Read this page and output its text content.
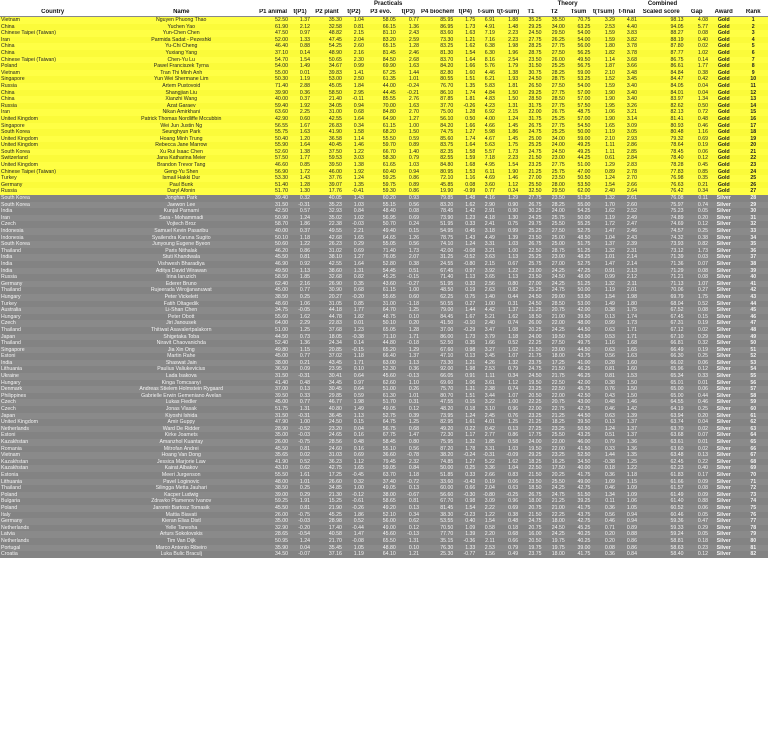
		Practicals										Theory				Combined				
Country	Name	P1 animal	t(P1)	P2 plant	t(P2)	P3 evo.	t(P3)	P4 biochem	t(P4)	t-sum	t(t-sum)	T1	T2	Tsum	t(Tsum)	t-final	Scaled score	Gap	Award	Rank
Vietnam	Nguyen Phuong Thao	52.50	1.37	35.30	1.04	58.05	0.77	85.95	1.75	6.91	1.88	35.25	35.50	70.75	3.29	4.81	98.13	4.08	Gold	1
China	Yuchen Yao	61.90	2.12	32.58	0.81	66.15	1.36	86.95	1.73	4.91	1.48	29.25	34.00	63.25	2.53	4.40	94.05	5.77	Gold	2
Chinese Taipei (Taiwan)	Yun-Chen Chen	47.50	0.97	48.82	2.15	81.10	2.43	83.60	1.63	7.19	2.23	24.50	29.50	54.00	1.59	3.83	88.27	0.08	Gold	3
Iran	Parmida Sadat - Pezeshki	52.00	1.33	47.45	2.04	83.20	2.59	73.30	1.21	7.16	2.23	27.75	26.25	54.00	1.59	3.82	88.19	0.40	Gold	4
China	Yu-Chi Cheng	46.40	0.88	54.25	2.60	65.15	1.28	83.25	1.62	6.38	1.98	28.25	27.75	56.00	1.80	3.78	87.80	0.02	Gold	5
China	Yuxiang Yang	37.10	0.14	48.90	2.16	81.45	2.46	81.30	1.54	6.30	1.96	28.75	27.50	56.25	1.82	3.78	87.77	1.02	Gold	6
Chinese Taipei (Taiwan)	Chen-Yu Lu	54.70	1.54	50.65	2.30	84.50	2.68	83.70	1.64	8.16	2.54	23.50	26.00	49.50	1.14	3.68	86.75	0.14	Gold	7
Poland	Pawel Franciszek Tyrna	54.00	1.49	34.67	0.99	69.90	1.63	84.20	1.66	5.76	1.79	31.50	25.25	56.75	1.87	3.66	86.61	1.77	Gold	8
Vietnam	Tran Thi Minh Anh	55.00	0.01	39.83	1.41	67.25	1.44	82.80	1.60	4.46	1.38	30.75	28.25	59.00	2.10	3.48	84.84	0.38	Gold	9
Singapore	Yun Wei Shermane Lim	50.30	1.19	53.00	2.50	61.35	1.01	80.55	1.51	6.21	1.93	24.50	28.75	53.25	1.52	3.45	84.47	0.42	Gold	10
Russia	Artem Pustovoid	71.40	2.88	45.05	1.84	44.00	-0.24	76.70	1.35	5.83	1.81	26.50	27.50	54.00	1.59	3.40	84.05	0.04	Gold	11
China	Shangjian Liu	39.90	0.36	58.50	2.95	44.45	-0.21	86.10	1.74	4.84	1.50	29.25	27.75	57.00	1.90	3.40	84.01	0.04	Gold	12
China	Xianzhi Wang	40.00	0.37	21.40	-0.11	85.55	2.76	87.85	1.81	4.83	1.50	28.50	28.50	57.00	1.90	3.40	83.97	1.34	Gold	13
Russia	Azat Garaev	59.40	1.92	34.05	0.94	70.00	1.63	37.70	-0.26	4.23	1.31	31.75	27.75	57.50	1.95	3.26	82.62	0.50	Gold	14
Iran	Nikan Amirkhani	63.60	2.25	31.00	0.68	84.80	2.70	75.00	1.28	6.92	2.15	22.00	26.75	48.75	1.06	3.21	82.13	0.72	Gold	15
United Kingdom	Patrick Thomas Nordliffe Mccubbin	42.90	0.60	42.55	1.64	64.90	1.27	56.10	0.50	4.00	1.24	31.75	25.25	57.00	1.90	3.14	81.41	0.48	Gold	16
Singapore	Wei Jun Justin Ng	56.55	1.67	26.83	0.34	61.15	1.00	84.20	1.66	4.66	1.45	26.75	27.75	54.50	1.65	3.09	80.93	0.46	Gold	17
South Korea	Seunghyun Park	55.75	1.63	41.90	1.58	68.20	1.50	74.75	1.27	5.98	1.86	24.75	25.25	50.00	1.19	3.05	80.48	1.16	Gold	18
United Kingdom	Hoang Minh Trung	50.40	1.20	36.58	1.14	55.50	0.59	85.60	1.74	4.67	1.45	25.00	34.00	59.00	2.10	2.93	79.32	0.69	Gold	19
United Kingdom	Rebecca Jane Marrow	55.90	1.64	40.45	1.46	59.70	0.89	83.75	1.64	5.63	1.75	25.25	24.00	49.25	1.11	2.86	78.64	0.19	Gold	20
South Korea	Xu Rui Isaac Chen	52.60	1.38	37.50	1.22	66.70	1.40	82.35	1.58	5.57	1.73	24.75	24.50	49.25	1.11	2.85	78.45	0.06	Gold	21
Switzerland	Jana Katharina Meier	57.50	1.77	59.53	3.03	58.30	0.79	82.55	1.59	7.18	2.23	21.50	23.00	44.25	0.61	2.84	78.40	0.12	Gold	22
United Kingdom	Brandon Trevor Tang	46.60	0.85	39.50	1.38	61.65	1.03	84.80	1.68	4.95	1.54	23.25	27.75	51.00	1.29	2.83	78.28	0.45	Gold	23
Chinese Taipei (Taiwan)	Geng-Yu Shen	56.90	1.72	46.00	1.92	60.40	0.94	80.95	1.53	6.11	1.90	21.25	25.75	47.00	0.89	2.78	77.83	0.85	Gold	24
Turkey	Ismail Hakki Dur	53.30	1.43	37.76	1.24	59.25	0.86	72.10	1.16	4.69	1.46	27.00	23.50	50.50	1.24	2.70	76.98	0.35	Gold	25
Germany	Paul Bunk	51.40	1.28	39.07	1.35	59.75	0.89	45.85	0.08	3.60	1.12	25.50	28.00	53.50	1.54	2.66	76.63	0.21	Gold	26
Russia	Daryl Afonin	51.70	1.30	17.76	-0.41	59.30	0.86	19.90	-0.99	0.77	0.24	32.50	29.50	62.00	2.40	2.64	76.42	0.34	Gold	27
South Korea	Jonghan Park	39.40	0.32	40.05	1.43	60.20	0.93	79.85	1.48	4.16	1.29	27.75	23.50	51.25	1.32	2.61	76.08	0.11	Silver	28
South Korea	Jaewon Lee	31.50	-0.31	35.23	1.03	55.15	0.56	83.20	1.62	2.90	0.90	26.75	28.25	55.00	1.70	2.60	75.97	0.74	Silver	29
India	Kunjal Parnami	42.50	0.57	32.93	0.84	48.40	0.08	78.45	1.42	2.91	0.90	30.25	24.00	54.25	1.62	2.52	75.23	0.05	Silver	30
Iran	Sara - Mohammadi	50.90	1.24	35.02	1.02	56.95	0.69	73.90	1.23	4.18	1.30	24.25	25.75	50.00	1.19	2.49	74.89	0.20	Silver	31
Czech	Vojtech Broz	58.70	1.86	22.38	-0.03	50.70	0.24	51.95	0.33	2.41	0.75	29.75	25.50	55.25	1.72	2.47	74.69	0.12	Silver	32
Indonesia	Samuel Kevin Pasaribu	40.00	0.37	49.55	2.21	49.40	0.15	54.95	0.45	3.18	0.99	25.25	27.50	52.75	1.47	2.46	74.57	0.25	Silver	33
Indonesia	Syailendra Karuna Sugito	50.10	1.18	42.68	1.65	64.65	1.26	78.75	1.43	4.49	1.39	23.50	25.00	48.50	1.04	2.43	74.32	0.38	Silver	34
South Korea	Junyoung Eugene Byeon	50.60	1.22	26.23	0.29	55.05	0.56	74.10	1.24	3.31	1.03	26.75	25.00	51.75	1.37	2.39	73.93	0.82	Silver	35
Thailand	Paris Nithalak	46.20	0.86	31.02	0.69	71.40	1.73	42.00	-0.08	3.21	1.00	22.50	28.75	51.25	1.32	2.31	73.12	1.73	Silver	36
India	Stuti Khandwala	45.50	0.81	38.10	1.27	76.05	2.07	31.25	-0.52	3.63	1.13	25.25	23.00	48.25	1.01	2.14	71.39	0.03	Silver	37
India	Vishwesh Bharadiya	46.90	0.92	42.55	1.64	52.80	0.38	24.55	-0.80	2.15	0.67	25.75	27.00	52.75	1.47	2.14	71.36	0.07	Silver	38
India	Aditya David Wirawan	49.50	1.13	38.60	1.31	54.45	0.51	67.45	0.97	3.92	1.22	23.00	24.25	47.25	0.91	2.13	71.29	0.08	Silver	39
Russia	Irina Iaruzich	58.50	1.85	32.68	0.82	45.25	-0.15	71.40	1.13	3.65	1.13	23.50	24.50	48.00	0.99	2.12	71.21	0.08	Silver	40
Germany	Ederer Bruno	62.40	2.16	26.90	0.35	43.60	-0.27	51.95	0.33	2.56	0.80	27.00	24.25	51.25	1.32	2.11	71.13	1.07	Silver	41
Thailand	Rujeerada Wirojjananuwat	45.00	0.77	30.90	0.68	61.15	1.00	48.50	0.19	2.63	0.82	25.25	24.75	50.00	1.19	2.01	70.06	0.27	Silver	42
Hungary	Peter Vickelett	38.50	0.25	20.27	-0.20	55.65	0.60	62.25	0.75	1.40	0.44	24.50	29.00	53.50	1.54	1.98	69.79	1.75	Silver	43
Turkey	Fatih Oltagedik	48.60	1.06	31.05	0.85	31.00	-1.18	50.55	0.27	1.00	0.31	24.50	28.50	53.00	1.49	1.80	68.04	0.52	Silver	44
Australia	Li-Shan Chen	34.75	-0.05	44.18	1.77	64.70	1.25	79.00	1.44	4.42	1.37	21.25	20.75	42.00	0.38	1.75	67.52	0.08	Silver	45
Hungary	Peter Obott	55.60	1.62	44.78	1.82	48.75	0.10	84.45	1.67	5.21	1.62	18.50	21.00	39.50	0.13	1.74	67.45	0.15	Silver	46
Czech	Jiri Janousek	64.00	2.29	22.83	0.01	50.10	0.20	41.50	-0.10	2.40	0.74	26.00	22.00	48.00	0.99	1.73	67.31	0.19	Silver	47
Thailand	Thitiwat Asavalertpalakorn	51.00	1.25	37.68	1.23	65.05	1.28	37.00	-0.29	3.47	1.08	20.25	24.25	44.50	0.63	1.71	67.12	0.02	Silver	48
Japan	Shigetaka Toba	44.50	0.73	18.05	-0.38	71.10	1.71	86.00	1.73	3.79	1.18	24.00	19.50	43.50	0.53	1.71	67.10	0.29	Silver	49
Thailand	Niravit Chaovanichda	52.40	1.36	24.34	0.14	44.80	-0.18	52.50	0.35	1.66	0.52	22.25	27.50	49.75	1.16	1.68	66.81	0.32	Silver	50
Singapore	Jia Xin Ong	49.80	1.15	20.85	-0.15	65.20	1.29	67.60	0.98	3.27	1.02	21.50	23.00	44.50	0.63	1.65	66.49	0.19	Silver	51
Estoni	Martin Rahe	45.00	0.77	37.02	1.18	66.40	1.37	47.10	0.13	3.45	1.07	21.75	18.00	43.75	0.56	1.63	66.30	0.25	Silver	52
India	Shaswat Jain	38.00	0.21	43.45	1.71	63.00	1.13	73.30	1.21	4.26	1.32	23.75	17.25	41.00	0.28	1.60	66.02	0.06	Silver	53
Lithuania	Paulius Valiukevicius	36.50	0.09	23.95	0.10	52.30	0.36	92.00	1.98	2.53	0.79	24.75	21.50	46.25	0.81	1.60	65.96	0.12	Silver	54
Ukraine	Lada Isakova	31.50	-0.31	30.41	0.64	45.60	-0.13	66.05	0.91	1.11	0.34	24.50	21.75	46.25	0.81	1.53	65.34	0.33	Silver	55
Hungary	Kinga Tomcsanyi	41.40	0.48	34.45	0.97	62.60	1.10	69.60	1.06	3.61	1.12	19.50	22.50	42.00	0.38	1.50	65.01	0.01	Silver	56
Denmark	Andreas Stielem Holmstein Rygaard	37.00	0.13	30.45	0.64	51.00	0.26	75.70	1.31	2.38	0.74	23.25	22.50	45.75	0.76	1.50	65.00	0.06	Silver	57
Philippines	Gabrielle Erwin Gemeniano Avelan	39.50	0.33	29.85	0.59	61.30	1.01	80.70	1.51	3.44	1.07	20.50	22.00	42.50	0.43	1.50	65.00	0.44	Silver	58
Czech	Lukas Fiedler	45.00	0.77	46.77	1.98	51.70	0.31	47.55	0.15	3.22	1.00	22.25	20.75	43.00	0.48	1.46	64.55	0.46	Silver	59
Czech	Jonas Vlasak	51.75	1.31	40.80	1.49	49.05	0.12	48.20	0.18	3.10	0.96	22.00	22.75	42.75	0.46	1.42	64.19	0.25	Silver	60
Japan	Kiyoshi Ishida	31.50	-0.31	36.45	1.13	52.75	0.39	73.95	1.24	2.45	0.76	23.25	21.25	44.50	0.63	1.39	63.94	0.20	Silver	61
United Kingdom	Amir Guppy	47.90	1.00	24.50	0.15	64.75	1.25	82.95	1.61	4.01	1.25	21.25	18.25	39.50	0.13	1.37	63.74	0.04	Silver	62
Netherlands	Ward De Ridder	28.90	-0.52	23.20	0.04	56.75	0.68	49.20	0.22	0.42	0.13	27.25	23.25	50.50	1.24	1.37	63.70	0.02	Silver	63
Estoni	Kirke Joamets	35.00	-0.03	24.65	0.16	67.75	1.47	72.30	1.17	2.77	0.86	17.75	25.50	43.25	0.51	1.37	63.68	0.07	Silver	64
Kazakhstan	Amanzhol Kuantay	26.00	-0.75	28.56	0.48	58.45	0.80	75.95	1.32	1.85	0.58	24.00	22.00	46.00	0.79	1.36	63.61	0.01	Silver	65
Romania	Mitrofan Andrei	45.50	0.81	24.60	0.16	55.10	0.56	87.20	1.78	3.31	1.03	19.50	22.00	41.50	0.33	1.36	63.60	0.02	Silver	66
Vietnam	Hoang Van Dong	35.65	0.02	31.03	0.69	36.60	-0.78	38.20	-0.24	-0.31	-0.09	29.25	23.25	52.50	1.44	1.35	63.48	0.13	Silver	67
Kazakhstan	Jessica Marjorie Law	41.90	0.52	36.23	1.12	79.45	2.32	74.85	1.27	5.22	1.62	18.25	16.25	34.50	-0.38	1.25	62.45	0.22	Silver	68
Kazakhstan	Kairat Albakov	43.10	0.62	42.75	1.65	59.05	0.84	50.00	0.25	3.36	1.04	22.50	17.50	40.00	0.18	1.22	62.23	0.40	Silver	69
Estonia	Meeri Jurgenson	55.50	1.61	17.25	-0.45	63.70	1.18	51.85	0.33	2.66	0.83	21.50	20.25	41.75	0.36	1.18	61.83	0.17	Silver	70
Lithuania	Pavel Loginovic	48.00	1.01	26.60	0.32	37.40	-0.72	33.60	-0.43	0.19	0.06	23.50	25.50	49.00	1.09	1.15	61.66	0.09	Silver	71
Thailand	Silingga Metta Jauhari	38.50	0.25	34.85	1.00	49.05	0.13	60.00	0.66	2.04	0.63	18.50	24.25	42.75	0.46	1.09	61.57	0.08	Silver	72
Poland	Kacper Ludwig	39.00	0.29	21.30	-0.12	38.00	-0.67	56.60	-0.30	-0.80	-0.25	26.75	24.75	51.50	1.34	1.09	61.49	0.09	Silver	73
Bulgaria	Zdravko Plamenov Ivanov	59.25	1.91	15.25	-0.61	58.65	0.81	67.70	0.98	3.09	0.96	18.00	21.25	39.25	0.11	1.06	61.40	0.88	Silver	74
Poland	Jaromir Bartosz Tomasik	45.50	0.81	21.90	-0.26	49.20	0.13	81.45	1.54	2.22	0.69	20.75	21.00	41.75	0.36	1.05	60.52	0.06	Silver	75
Italy	Mattia Biavati	26.00	-0.75	45.25	1.86	52.10	0.34	38.30	-0.23	1.22	0.38	21.50	22.25	43.75	0.56	0.94	60.46	0.05	Silver	76
Germany	Kieran Elias Distl	35.00	-0.03	28.98	0.52	56.00	0.62	53.55	0.40	1.54	0.48	24.75	18.00	42.75	0.46	0.94	59.36	0.47	Silver	77
Netherlands	Yelle Tanesha	32.90	-0.20	17.40	-0.44	49.00	0.12	70.50	1.09	0.58	0.18	20.75	24.50	45.25	0.71	0.89	59.33	0.29	Silver	78
Latvia	Arturs Sokolovskis	28.65	-0.54	40.58	1.47	45.60	-0.13	77.70	1.39	2.20	0.68	16.00	24.25	40.25	0.20	0.88	59.24	0.05	Silver	79
Netherlands	Tim Van Dijk	50.95	1.24	21.70	-0.08	65.50	1.31	35.15	-0.36	2.11	0.66	20.50	19.75	40.25	0.20	0.86	58.81	0.18	Silver	80
Portugal	Marco Antonio Ribeiro	35.90	0.04	35.45	1.05	48.80	0.10	76.30	1.33	2.53	0.79	19.75	19.75	39.00	0.08	0.86	58.63	0.23	Silver	81
Croatia	Luka Bulic Braculj	34.50	-0.07	37.16	1.19	64.10	1.21	25.30	-0.77	1.56	0.49	23.75	18.00	41.75	0.36	0.84	58.40	0.12	Silver	82
